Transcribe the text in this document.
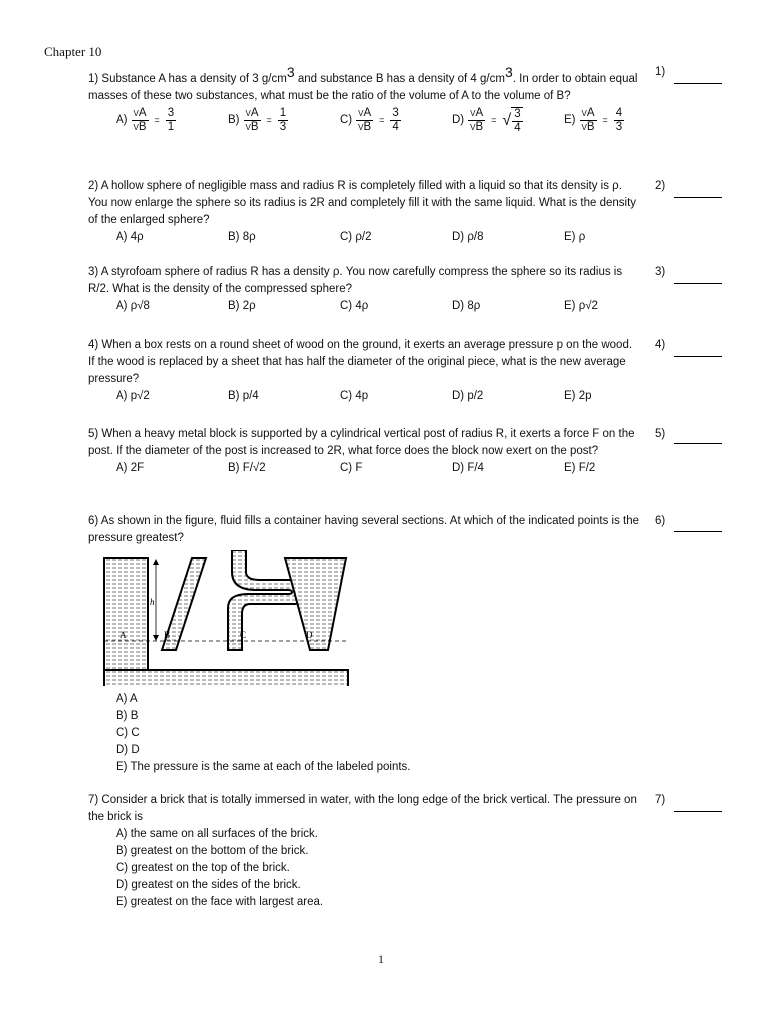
Chapter 10
1) Substance A has a density of 3 $g/cm^3$ and substance B has a density of 4 $g/cm^3$. In order to obtain equal masses of these two substances, what must be the ratio of the volume of A to the volume of B?
$A) \frac{^VA}{^VB} = \frac{3}{1}$	$B) \frac{^VA}{^VB} = \frac{1}{3}$	$C) \frac{^VA}{^VB} = \frac{3}{4}$	$D) \frac{^VA}{^VB}$ = √ $\frac{3}{4}$	$E) \frac{^VA}{^VB} = \frac{4}{3}$
1)
2) A hollow sphere of negligible mass and radius R is completely filled with a liquid so that its density is ρ. You now enlarge the sphere so its radius is 2R and completely fill it with the same liquid. What is the density of the enlarged sphere?
A) 4ρ	B) 8ρ	C) ρ/2	D) ρ/8	E) ρ
2)
3) A styrofoam sphere of radius R has a density ρ. You now carefully compress the sphere so its radius is R/2. What is the density of the compressed sphere?
A) ρ√8	B) 2ρ	C) 4ρ	D) 8ρ	E) ρ√2
3)
4) When a box rests on a round sheet of wood on the ground, it exerts an average pressure p on the wood. If the wood is replaced by a sheet that has half the diameter of the original piece, what is the new average pressure?
A) p√2	B) p/4	C) 4p	D) p/2	E) 2p
4)
5) When a heavy metal block is supported by a cylindrical vertical post of radius R, it exerts a force F on the post. If the diameter of the post is increased to 2R, what force does the block now exert on the post?
A) 2F	B) F/√2	C) F	D) F/4	E) F/2
5)
6) As shown in the figure, fluid fills a container having several sections. At which of the indicated points is the pressure greatest?
6)
h
A	B	C	D
A) A
B) B
C) C
D) D
E) The pressure is the same at each of the labeled points.
7) Consider a brick that is totally immersed in water, with the long edge of the brick vertical. The pressure on the brick is
A) the same on all surfaces of the brick.
B) greatest on the bottom of the brick.
C) greatest on the top of the brick.
D) greatest on the sides of the brick.
E) greatest on the face with largest area.
7)
1
